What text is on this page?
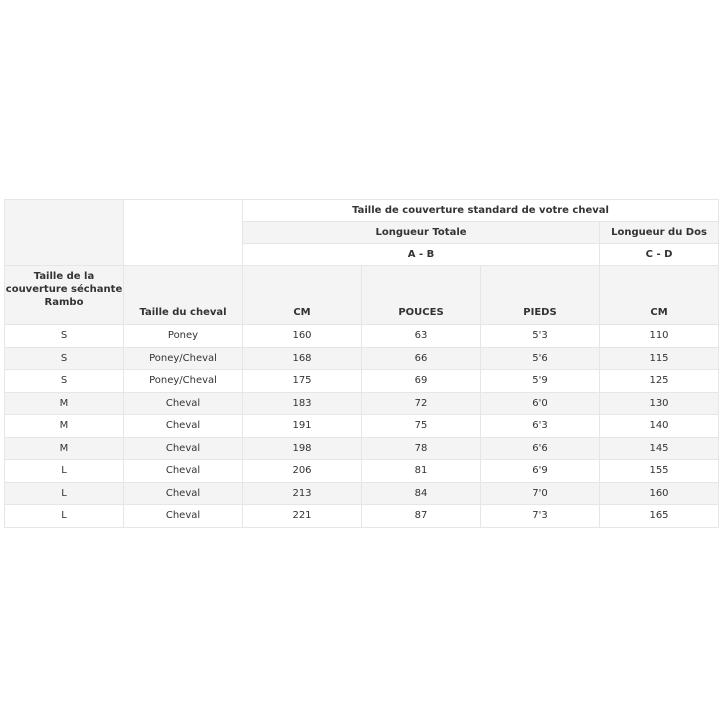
		Taille de couverture standard de votre cheval			
		Longueur Totale			Longueur du Dos
		A - B			C - D
Taille de la couverture séchante Rambo	Taille du cheval	CM	POUCES	PIEDS	CM
S	Poney	160	63	5'3	110
S	Poney/Cheval	168	66	5'6	115
S	Poney/Cheval	175	69	5'9	125
M	Cheval	183	72	6'0	130
M	Cheval	191	75	6'3	140
M	Cheval	198	78	6'6	145
L	Cheval	206	81	6'9	155
L	Cheval	213	84	7'0	160
L	Cheval	221	87	7'3	165
